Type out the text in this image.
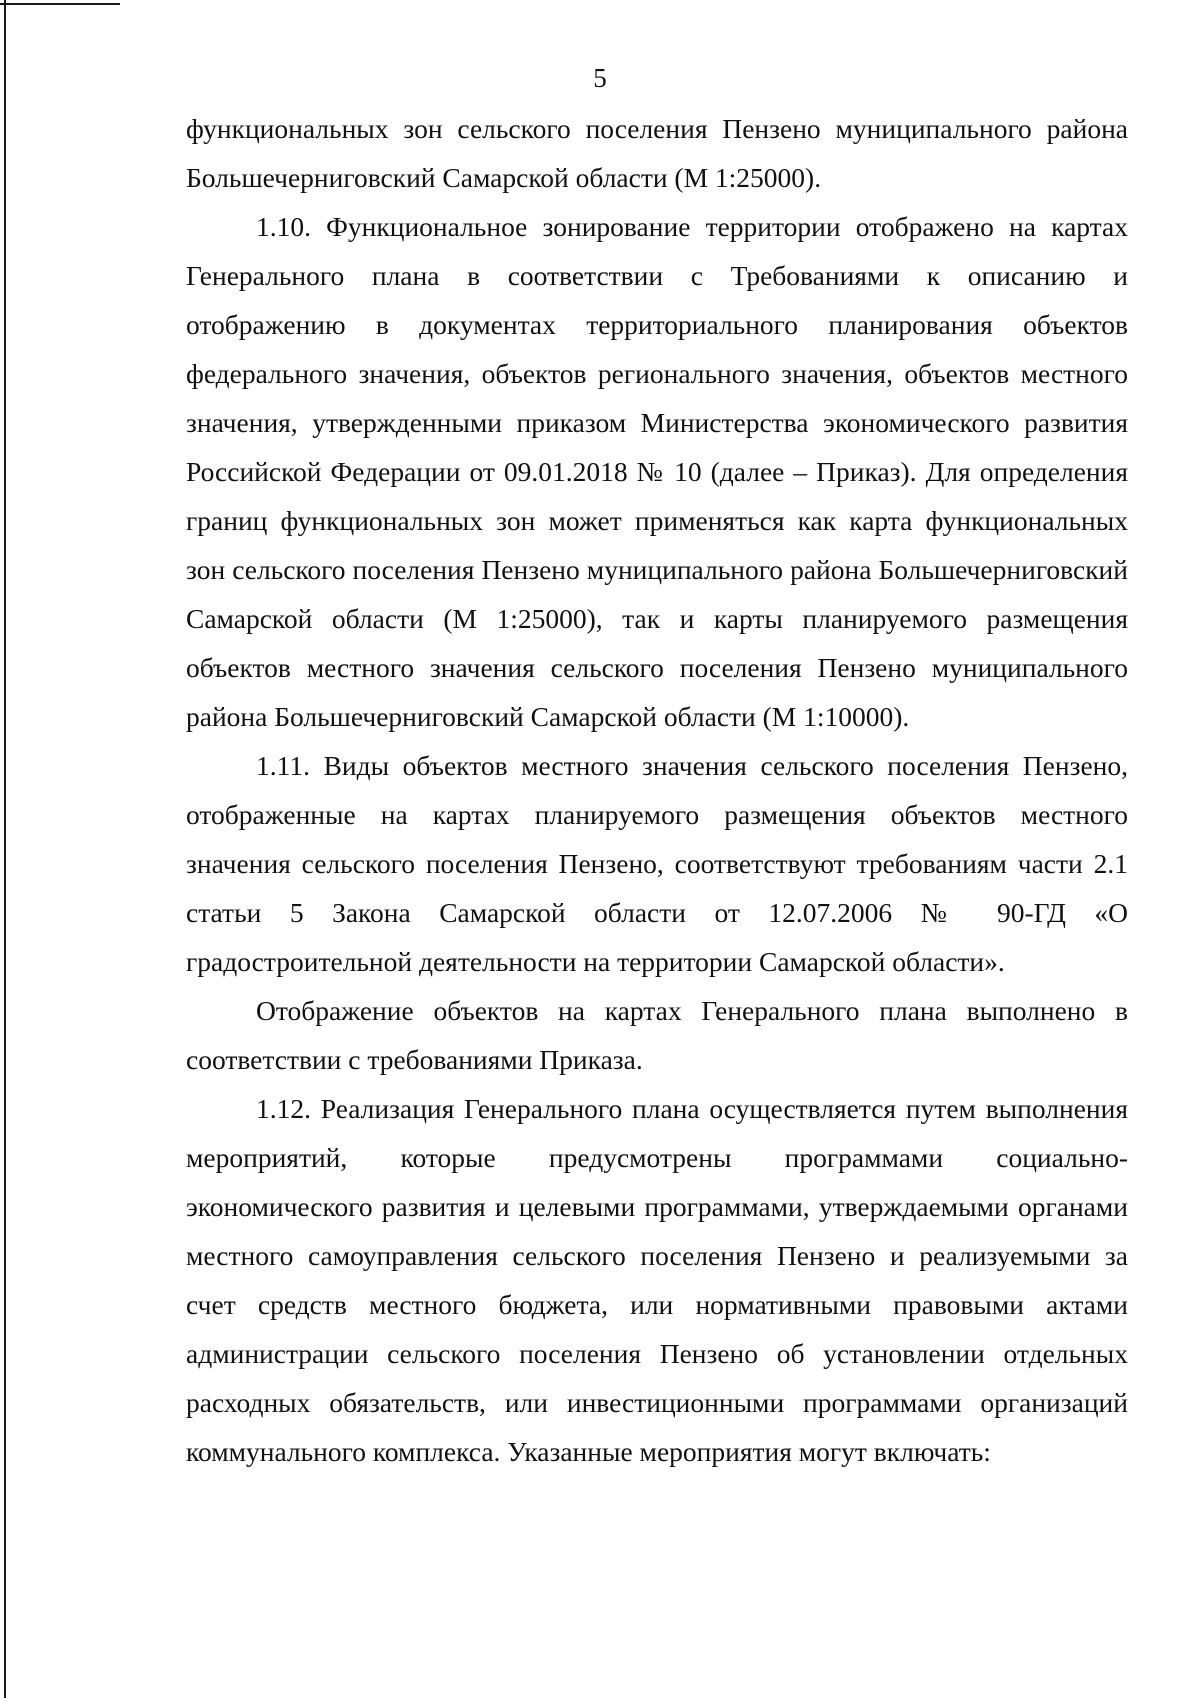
5

функциональных зон сельского поселения Пензено муниципального района Большечерниговский Самарской области (М 1:25000).

1.10. Функциональное зонирование территории отображено на картах Генерального плана в соответствии с Требованиями к описанию и отображению в документах территориального планирования объектов федерального значения, объектов регионального значения, объектов местного значения, утвержденными приказом Министерства экономического развития Российской Федерации от 09.01.2018 № 10 (далее – Приказ). Для определения границ функциональных зон может применяться как карта функциональных зон сельского поселения Пензено муниципального района Большечерниговский Самарской области (М 1:25000), так и карты планируемого размещения объектов местного значения сельского поселения Пензено муниципального района Большечерниговский Самарской области (М 1:10000).

1.11. Виды объектов местного значения сельского поселения Пензено, отображенные на картах планируемого размещения объектов местного значения сельского поселения Пензено, соответствуют требованиям части 2.1 статьи 5 Закона Самарской области от 12.07.2006 № 90-ГД «О градостроительной деятельности на территории Самарской области».

Отображение объектов на картах Генерального плана выполнено в соответствии с требованиями Приказа.

1.12. Реализация Генерального плана осуществляется путем выполнения мероприятий, которые предусмотрены программами социально-экономического развития и целевыми программами, утверждаемыми органами местного самоуправления сельского поселения Пензено и реализуемыми за счет средств местного бюджета, или нормативными правовыми актами администрации сельского поселения Пензено об установлении отдельных расходных обязательств, или инвестиционными программами организаций коммунального комплекса. Указанные мероприятия могут включать:
